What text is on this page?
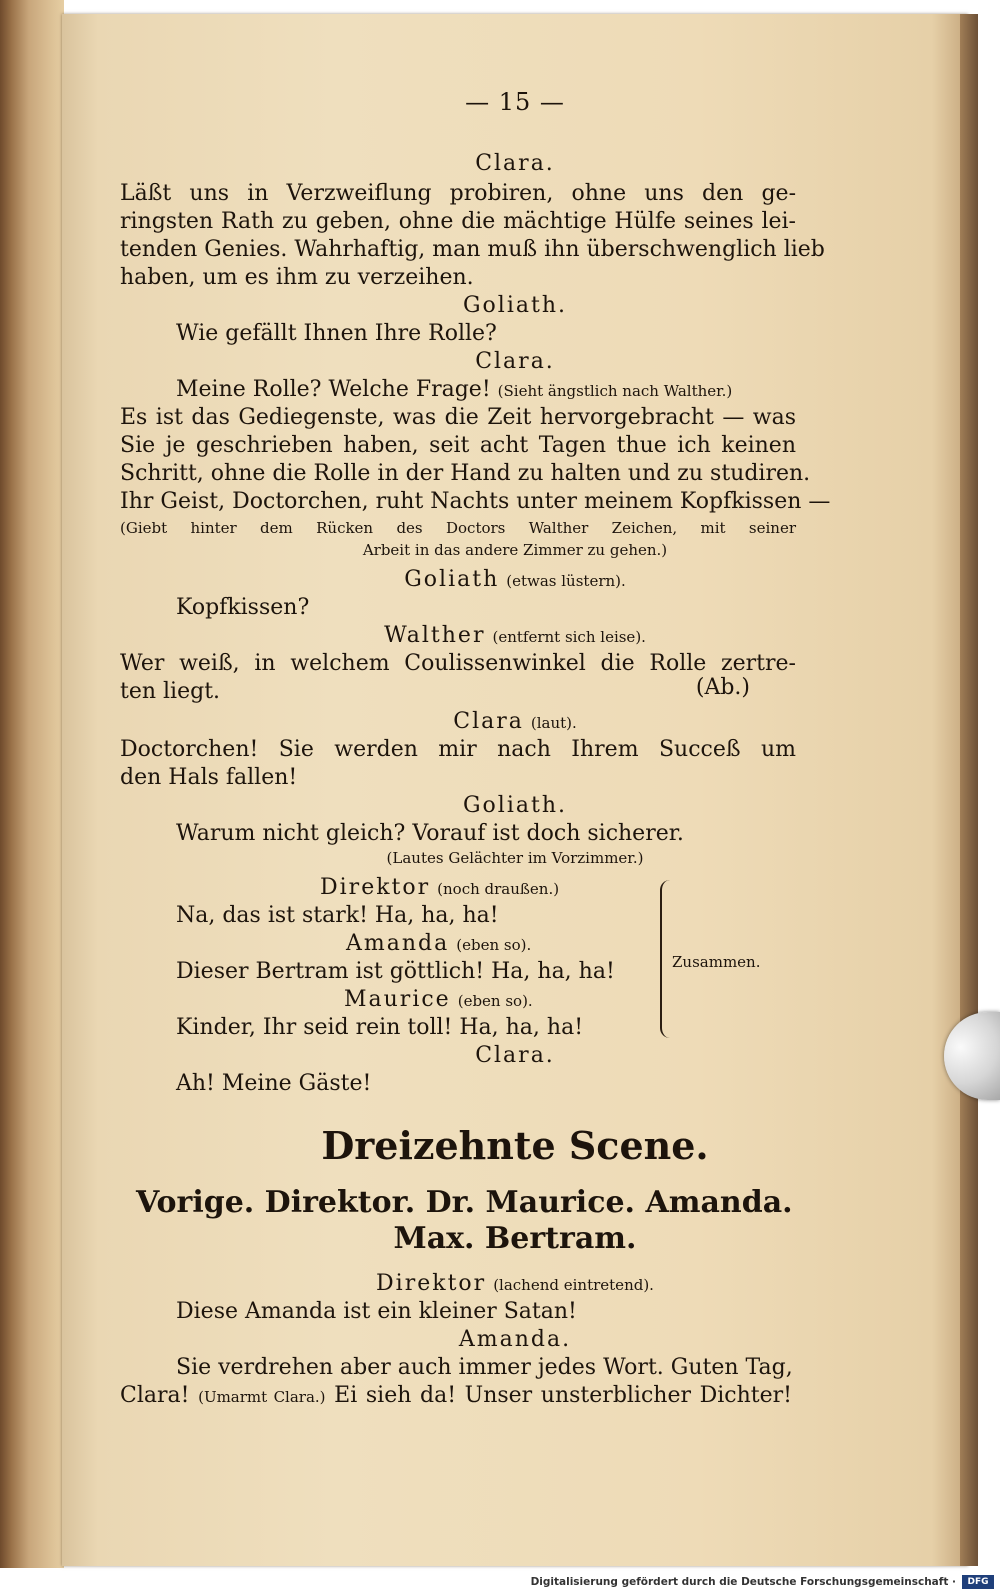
— 15 —
Clara.
Läßt uns in Verzweiflung probiren, ohne uns den ge-
ringsten Rath zu geben, ohne die mächtige Hülfe seines lei-
tenden Genies. Wahrhaftig, man muß ihn überschwenglich lieb
haben, um es ihm zu verzeihen.
Goliath.
Wie gefällt Ihnen Ihre Rolle?
Clara.
Meine Rolle? Welche Frage! (Sieht ängstlich nach Walther.)
Es ist das Gediegenste, was die Zeit hervorgebracht — was
Sie je geschrieben haben, seit acht Tagen thue ich keinen
Schritt, ohne die Rolle in der Hand zu halten und zu studiren.
Ihr Geist, Doctorchen, ruht Nachts unter meinem Kopfkissen —
(Giebt hinter dem Rücken des Doctors Walther Zeichen, mit seiner
Arbeit in das andere Zimmer zu gehen.)
Goliath (etwas lüstern).
Kopfkissen?
Walther (entfernt sich leise).
Wer weiß, in welchem Coulissenwinkel die Rolle zertre-
ten liegt.	(Ab.)
Clara (laut).
Doctorchen! Sie werden mir nach Ihrem Succeß um
den Hals fallen!
Goliath.
Warum nicht gleich? Vorauf ist doch sicherer.
(Lautes Gelächter im Vorzimmer.)
Direktor (noch draußen.)
Na, das ist stark! Ha, ha, ha!
Amanda (eben so).
Dieser Bertram ist göttlich! Ha, ha, ha!
Maurice (eben so).
Kinder, Ihr seid rein toll! Ha, ha, ha!
Zusammen.
Clara.
Ah! Meine Gäste!
Dreizehnte Scene.
Vorige. Direktor. Dr. Maurice. Amanda.
Max. Bertram.
Direktor (lachend eintretend).
Diese Amanda ist ein kleiner Satan!
Amanda.
Sie verdrehen aber auch immer jedes Wort. Guten Tag,
Clara! (Umarmt Clara.) Ei sieh da! Unser unsterblicher Dichter!
Digitalisierung gefördert durch die Deutsche Forschungsgemeinschaft ·	DFG
